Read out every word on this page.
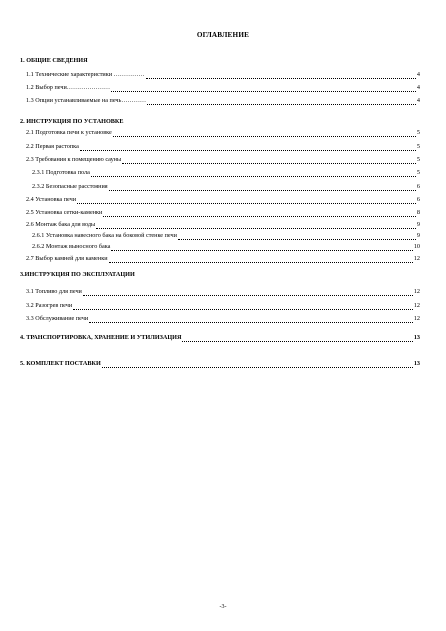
ОГЛАВЛЕНИЕ
1. ОБЩИЕ СВЕДЕНИЯ
1.1 Технические характеристики ……………	4
1.2 Выбор печи…………………	4
1.3 Опции устанавливаемые на печь…………	4
2. ИНСТРУКЦИЯ ПО УСТАНОВКЕ
2.1 Подготовка печи к установке	5
2.2 Первая растопка	5
2.3 Требования к помещению сауны	5
2.3.1 Подготовка пола	5
2.3.2 Безопасные расстояния	6
2.4 Установка печи	6
2.5 Установка сетки-каменки	8
2.6 Монтаж бака для воды	9
2.6.1 Установка навесного бака на боковой стенке печи	9
2.6.2 Монтаж выносного бака	10
2.7 Выбор камней для каменки	12
3.ИНСТРУКЦИЯ ПО ЭКСПЛУАТАЦИИ
3.1 Топливо для печи	12
3.2 Разогрев печи	12
3.3 Обслуживание печи	12
4. ТРАНСПОРТИРОВКА, ХРАНЕНИЕ И УТИЛИЗАЦИЯ	13
5. КОМПЛЕКТ ПОСТАВКИ	13
-3-
